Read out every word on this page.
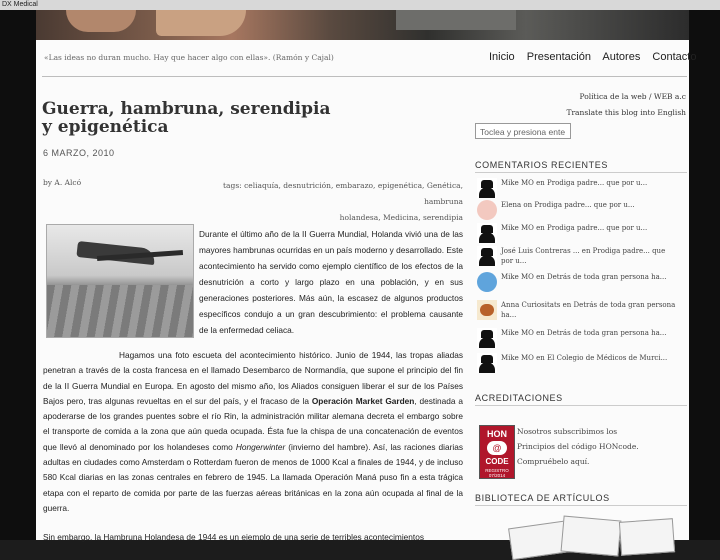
DX Medical
«Las ideas no duran mucho. Hay que hacer algo con ellas». (Ramón y Cajal)	Inicio Presentación Autores Contacto
Guerra, hambruna, serendipia
y epigenética
6 MARZO, 2010
by A. Alcó	tags: celiaquía, desnutrición, embarazo, epigenética, Genética, hambruna
holandesa, Medicina, serendipia
Durante el último año de la II Guerra Mundial, Holanda vivió una de las mayores hambrunas ocurridas en un país moderno y desarrollado. Este acontecimiento ha servido como ejemplo científico de los efectos de la desnutrición a corto y largo plazo en una población, y en sus generaciones posteriores. Más aún, la escasez de algunos productos específicos condujo a un gran descubrimiento: el problema causante de la enfermedad celiaca.
Hagamos una foto escueta del acontecimiento histórico. Junio de 1944, las tropas aliadas penetran a través de la costa francesa en el llamado Desembarco de Normandía, que supone el principio del fin de la II Guerra Mundial en Europa. En agosto del mismo año, los Aliados consiguen liberar el sur de los Países Bajos pero, tras algunas revueltas en el sur del país, y el fracaso de la Operación Market Garden, destinada a apoderarse de los grandes puentes sobre el río Rin, la administración militar alemana decreta el embargo sobre el transporte de comida a la zona que aún queda ocupada. Ésta fue la chispa de una concatenación de eventos que llevó al denominado por los holandeses como Hongerwinter (invierno del hambre). Así, las raciones diarias adultas en ciudades como Amsterdam o Rotterdam fueron de menos de 1000 Kcal a finales de 1944, y de incluso 580 Kcal diarias en las zonas centrales en febrero de 1945. La llamada Operación Maná puso fin a esta trágica etapa con el reparto de comida por parte de las fuerzas aéreas británicas en la zona aún ocupada al final de la guerra.
Sin embargo, la Hambruna Holandesa de 1944 es un ejemplo de una serie de terribles acontecimientos
Política de la web / WEB a.c
Translate this blog into English
Toclea y presiona ente
COMENTARIOS RECIENTES
Mike MO en Prodiga padre... que por u...
Elena on Prodiga padre... que por u...
Mike MO en Prodiga padre... que por u...
José Luis Contreras ... en Prodiga padre... que por u...
Mike MO en Detrás de toda gran persona ha...
Anna Curiositats en Detrás de toda gran persona ha...
Mike MO en Detrás de toda gran persona ha...
Mike MO en El Colegio de Médicos de Murci...
ACREDITACIONES
HON
@
CODE
REGISTRO 07/2014
Nosotros subscribimos los
Principios del código HONcode.
Compruébelo aquí.
BIBLIOTECA DE ARTÍCULOS
